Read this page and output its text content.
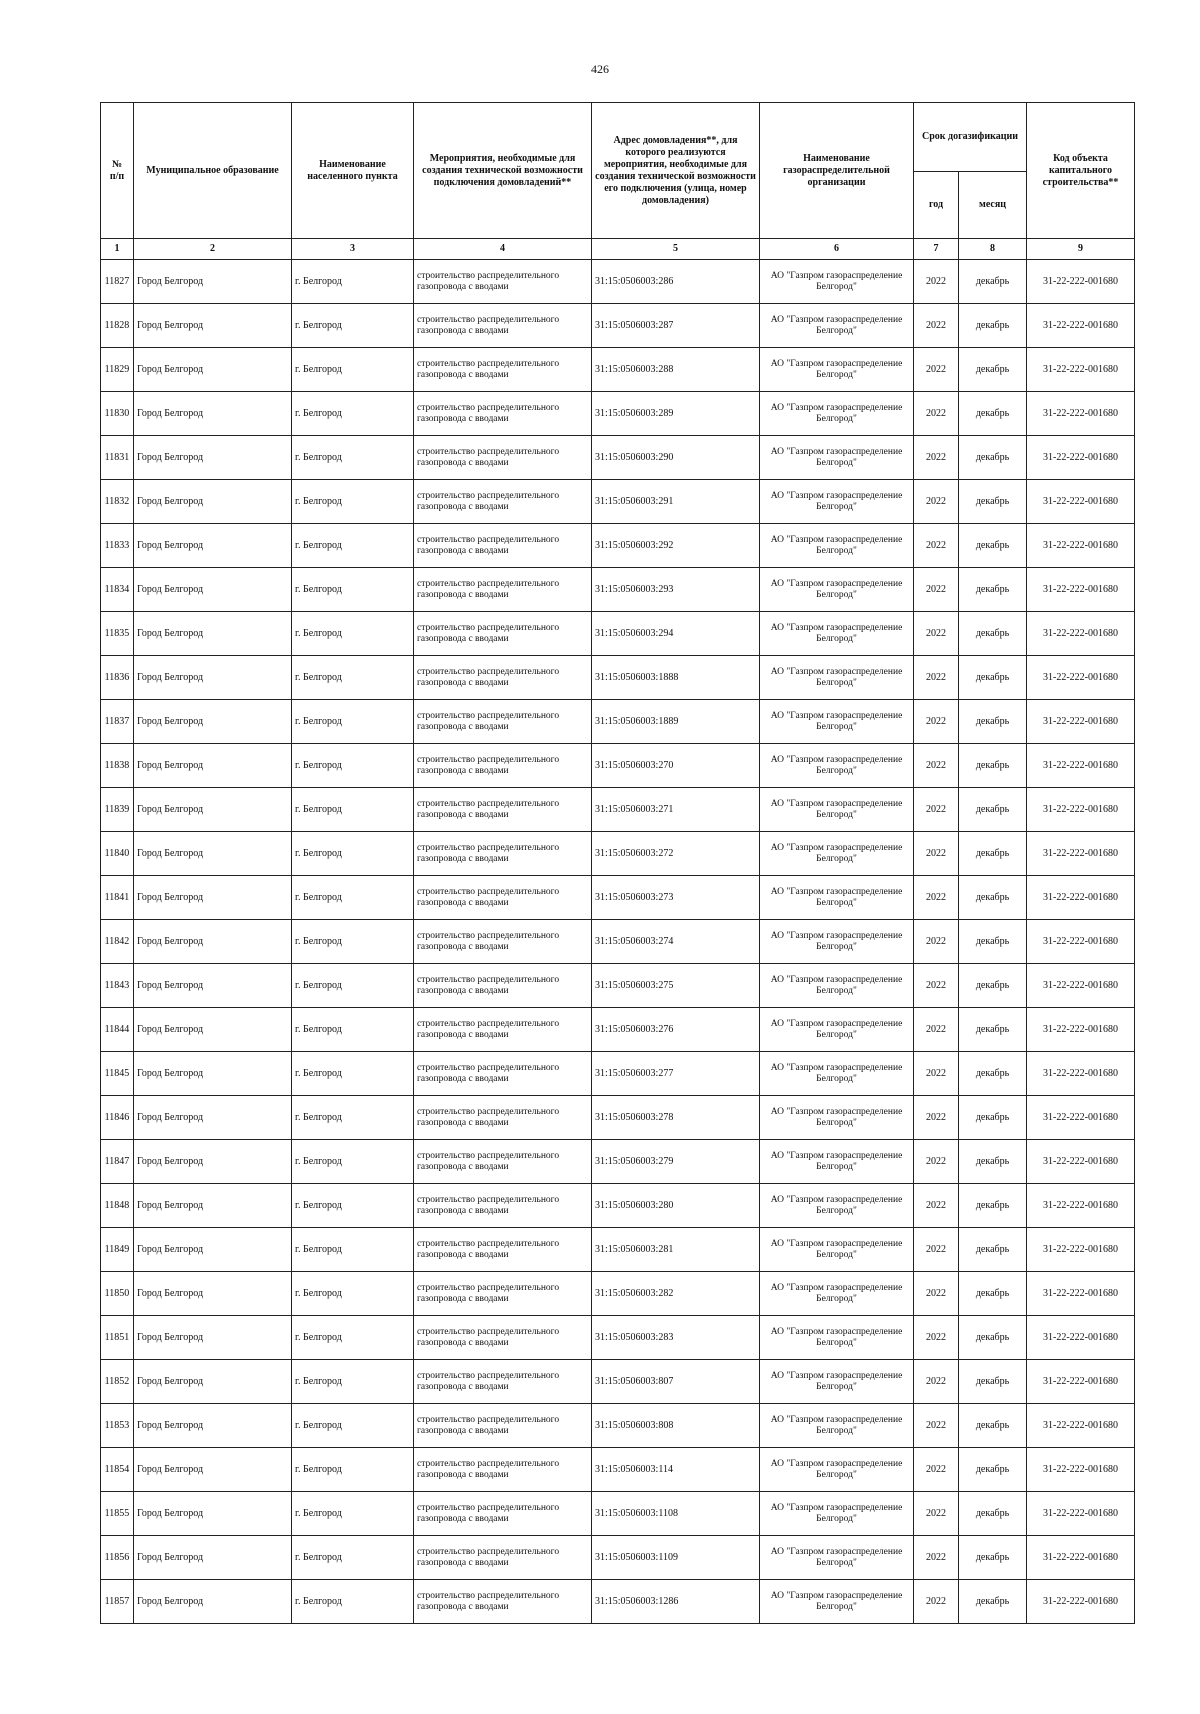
426
№
п/п	Муниципальное образование	Наименование населенного пункта	Мероприятия, необходимые для создания технической возможности подключения домовладений**	Адрес домовладения**, для которого реализуются мероприятия, необходимые для создания технической возможности его подключения (улица, номер домовладения)	Наименование газораспределительной организации	Срок догазификации		Код объекта капитального строительства**
						год	месяц	
1	2	3	4	5	6	7	8	9
11827	Город Белгород	г. Белгород	строительство распределительного газопровода с вводами	31:15:0506003:286	АО "Газпром газораспределение Белгород"	2022	декабрь	31-22-222-001680
11828	Город Белгород	г. Белгород	строительство распределительного газопровода с вводами	31:15:0506003:287	АО "Газпром газораспределение Белгород"	2022	декабрь	31-22-222-001680
11829	Город Белгород	г. Белгород	строительство распределительного газопровода с вводами	31:15:0506003:288	АО "Газпром газораспределение Белгород"	2022	декабрь	31-22-222-001680
11830	Город Белгород	г. Белгород	строительство распределительного газопровода с вводами	31:15:0506003:289	АО "Газпром газораспределение Белгород"	2022	декабрь	31-22-222-001680
11831	Город Белгород	г. Белгород	строительство распределительного газопровода с вводами	31:15:0506003:290	АО "Газпром газораспределение Белгород"	2022	декабрь	31-22-222-001680
11832	Город Белгород	г. Белгород	строительство распределительного газопровода с вводами	31:15:0506003:291	АО "Газпром газораспределение Белгород"	2022	декабрь	31-22-222-001680
11833	Город Белгород	г. Белгород	строительство распределительного газопровода с вводами	31:15:0506003:292	АО "Газпром газораспределение Белгород"	2022	декабрь	31-22-222-001680
11834	Город Белгород	г. Белгород	строительство распределительного газопровода с вводами	31:15:0506003:293	АО "Газпром газораспределение Белгород"	2022	декабрь	31-22-222-001680
11835	Город Белгород	г. Белгород	строительство распределительного газопровода с вводами	31:15:0506003:294	АО "Газпром газораспределение Белгород"	2022	декабрь	31-22-222-001680
11836	Город Белгород	г. Белгород	строительство распределительного газопровода с вводами	31:15:0506003:1888	АО "Газпром газораспределение Белгород"	2022	декабрь	31-22-222-001680
11837	Город Белгород	г. Белгород	строительство распределительного газопровода с вводами	31:15:0506003:1889	АО "Газпром газораспределение Белгород"	2022	декабрь	31-22-222-001680
11838	Город Белгород	г. Белгород	строительство распределительного газопровода с вводами	31:15:0506003:270	АО "Газпром газораспределение Белгород"	2022	декабрь	31-22-222-001680
11839	Город Белгород	г. Белгород	строительство распределительного газопровода с вводами	31:15:0506003:271	АО "Газпром газораспределение Белгород"	2022	декабрь	31-22-222-001680
11840	Город Белгород	г. Белгород	строительство распределительного газопровода с вводами	31:15:0506003:272	АО "Газпром газораспределение Белгород"	2022	декабрь	31-22-222-001680
11841	Город Белгород	г. Белгород	строительство распределительного газопровода с вводами	31:15:0506003:273	АО "Газпром газораспределение Белгород"	2022	декабрь	31-22-222-001680
11842	Город Белгород	г. Белгород	строительство распределительного газопровода с вводами	31:15:0506003:274	АО "Газпром газораспределение Белгород"	2022	декабрь	31-22-222-001680
11843	Город Белгород	г. Белгород	строительство распределительного газопровода с вводами	31:15:0506003:275	АО "Газпром газораспределение Белгород"	2022	декабрь	31-22-222-001680
11844	Город Белгород	г. Белгород	строительство распределительного газопровода с вводами	31:15:0506003:276	АО "Газпром газораспределение Белгород"	2022	декабрь	31-22-222-001680
11845	Город Белгород	г. Белгород	строительство распределительного газопровода с вводами	31:15:0506003:277	АО "Газпром газораспределение Белгород"	2022	декабрь	31-22-222-001680
11846	Город Белгород	г. Белгород	строительство распределительного газопровода с вводами	31:15:0506003:278	АО "Газпром газораспределение Белгород"	2022	декабрь	31-22-222-001680
11847	Город Белгород	г. Белгород	строительство распределительного газопровода с вводами	31:15:0506003:279	АО "Газпром газораспределение Белгород"	2022	декабрь	31-22-222-001680
11848	Город Белгород	г. Белгород	строительство распределительного газопровода с вводами	31:15:0506003:280	АО "Газпром газораспределение Белгород"	2022	декабрь	31-22-222-001680
11849	Город Белгород	г. Белгород	строительство распределительного газопровода с вводами	31:15:0506003:281	АО "Газпром газораспределение Белгород"	2022	декабрь	31-22-222-001680
11850	Город Белгород	г. Белгород	строительство распределительного газопровода с вводами	31:15:0506003:282	АО "Газпром газораспределение Белгород"	2022	декабрь	31-22-222-001680
11851	Город Белгород	г. Белгород	строительство распределительного газопровода с вводами	31:15:0506003:283	АО "Газпром газораспределение Белгород"	2022	декабрь	31-22-222-001680
11852	Город Белгород	г. Белгород	строительство распределительного газопровода с вводами	31:15:0506003:807	АО "Газпром газораспределение Белгород"	2022	декабрь	31-22-222-001680
11853	Город Белгород	г. Белгород	строительство распределительного газопровода с вводами	31:15:0506003:808	АО "Газпром газораспределение Белгород"	2022	декабрь	31-22-222-001680
11854	Город Белгород	г. Белгород	строительство распределительного газопровода с вводами	31:15:0506003:114	АО "Газпром газораспределение Белгород"	2022	декабрь	31-22-222-001680
11855	Город Белгород	г. Белгород	строительство распределительного газопровода с вводами	31:15:0506003:1108	АО "Газпром газораспределение Белгород"	2022	декабрь	31-22-222-001680
11856	Город Белгород	г. Белгород	строительство распределительного газопровода с вводами	31:15:0506003:1109	АО "Газпром газораспределение Белгород"	2022	декабрь	31-22-222-001680
11857	Город Белгород	г. Белгород	строительство распределительного газопровода с вводами	31:15:0506003:1286	АО "Газпром газораспределение Белгород"	2022	декабрь	31-22-222-001680
